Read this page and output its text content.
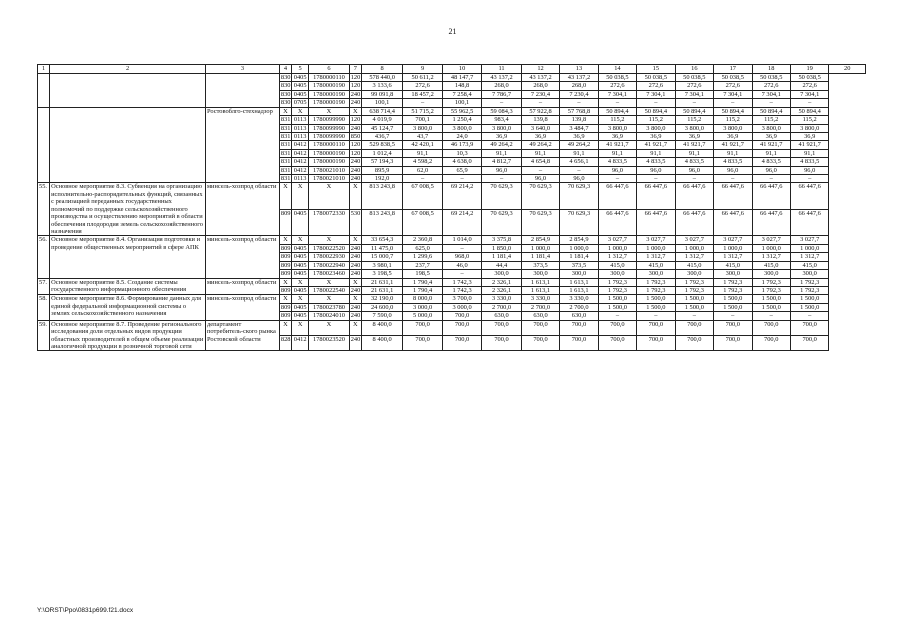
21
1	2	3	4	5	6	7	8	9	10	11	12	13	14	15	16	17	18	19	20
			830	0405	1780000110	120	578 440,0	50 611,2	48 147,7	43 137,2	43 137,2	43 137,2	50 038,5	50 038,5	50 038,5	50 038,5	50 038,5	50 038,5	
			830	0405	1780000190	120	3 133,6	272,6	148,8	268,0	268,0	268,0	272,6	272,6	272,6	272,6	272,6	272,6	
			830	0405	1780000190	240	99 091,8	18 457,2	7 258,4	7 786,7	7 230,4	7 230,4	7 304,1	7 304,1	7 304,1	7 304,1	7 304,1	7 304,1	
			830	0705	1780000190	240	100,1	–	100,1	–	–	–	–	–	–	–	–	–	
		Ростовоблго-стехнадзор	X	X	X	X	638 714,4	51 715,2	55 962,5	59 084,3	57 922,8	57 768,8	50 894,4	50 894,4	50 894,4	50 894,4	50 894,4	50 894,4	
			831	0113	1780099990	120	4 019,9	700,1	1 250,4	983,4	139,8	139,8	115,2	115,2	115,2	115,2	115,2	115,2	
			831	0113	1780099990	240	45 124,7	3 800,0	3 800,0	3 800,0	3 640,0	3 484,7	3 800,0	3 800,0	3 800,0	3 800,0	3 800,0	3 800,0	
			831	0113	1780099990	850	436,7	43,7	24,0	36,9	36,9	36,9	36,9	36,9	36,9	36,9	36,9	36,9	
			831	0412	1780000110	120	529 838,5	42 420,1	46 173,9	49 264,2	49 264,2	49 264,2	41 921,7	41 921,7	41 921,7	41 921,7	41 921,7	41 921,7	
			831	0412	1780000190	120	1 012,4	91,1	10,3	91,1	91,1	91,1	91,1	91,1	91,1	91,1	91,1	91,1	
			831	0412	1780000190	240	57 194,3	4 598,2	4 638,0	4 812,7	4 654,8	4 656,1	4 833,5	4 833,5	4 833,5	4 833,5	4 833,5	4 833,5	
			831	0412	1780021010	240	895,9	62,0	65,9	96,0	–	–	96,0	96,0	96,0	96,0	96,0	96,0	
			831	0113	1780021010	240	192,0	–	–	–	96,0	96,0	–	–	–	–	–	–	
55.	Основное мероприятие 8.3. Субвенция на организацию исполнительно-распорядительных функций, связанных с реализацией переданных государственных полномочий по поддержке сельскохозяйственного производства и осуществлению мероприятий в области обеспечения плодородия земель сельскохозяйственного назначения	минсель-хозпрод области	X	X	X	X	813 243,8	67 008,5	69 214,2	70 629,3	70 629,3	70 629,3	66 447,6	66 447,6	66 447,6	66 447,6	66 447,6	66 447,6	
			809	0405	1780072330	530	813 243,8	67 008,5	69 214,2	70 629,3	70 629,3	70 629,3	66 447,6	66 447,6	66 447,6	66 447,6	66 447,6	66 447,6	
56.	Основное мероприятие 8.4. Организация подготовки и проведение общественных мероприятий в сфере АПК	минсель-хозпрод области	X	X	X	X	33 654,3	2 360,8	1 014,0	3 375,8	2 854,9	2 854,9	3 027,7	3 027,7	3 027,7	3 027,7	3 027,7	3 027,7	
			809	0405	1780022520	240	11 475,0	625,0	–	1 850,0	1 000,0	1 000,0	1 000,0	1 000,0	1 000,0	1 000,0	1 000,0	1 000,0	
			809	0405	1780022930	240	15 000,7	1 299,6	968,0	1 181,4	1 181,4	1 181,4	1 312,7	1 312,7	1 312,7	1 312,7	1 312,7	1 312,7	
			809	0405	1780022940	240	3 980,1	237,7	46,0	44,4	373,5	373,5	415,0	415,0	415,0	415,0	415,0	415,0	
			809	0405	1780023460	240	3 198,5	198,5	–	300,0	300,0	300,0	300,0	300,0	300,0	300,0	300,0	300,0	
57.	Основное мероприятие 8.5. Создание системы государственного информационного обеспечения	минсель-хозпрод области	X	X	X	X	21 631,1	1 790,4	1 742,3	2 326,1	1 613,1	1 613,1	1 792,3	1 792,3	1 792,3	1 792,3	1 792,3	1 792,3	
			809	0405	1780022540	240	21 631,1	1 790,4	1 742,3	2 326,1	1 613,1	1 613,1	1 792,3	1 792,3	1 792,3	1 792,3	1 792,3	1 792,3	
58.	Основное мероприятие 8.6. Формирование данных для единой федеральной информационной системы о землях сельскохозяйственного назначения	минсель-хозпрод области	X	X	X	X	32 190,0	8 000,0	3 700,0	3 330,0	3 330,0	3 330,0	1 500,0	1 500,0	1 500,0	1 500,0	1 500,0	1 500,0	
			809	0405	1780023780	240	24 600,0	3 000,0	3 000,0	2 700,0	2 700,0	2 700,0	1 500,0	1 500,0	1 500,0	1 500,0	1 500,0	1 500,0	
			809	0405	1780024010	240	7 590,0	5 000,0	700,0	630,0	630,0	630,0	–	–	–	–	–	–	
59.	Основное мероприятие 8.7. Проведение регионального исследования доли отдельных видов продукции областных производителей в общем объеме реализации аналогичной продукции в розничной торговой сети	департамент потребитель-ского рынка Ростовской области	X	X	X	X	8 400,0	700,0	700,0	700,0	700,0	700,0	700,0	700,0	700,0	700,0	700,0	700,0	
			828	0412	1780023520	240	8 400,0	700,0	700,0	700,0	700,0	700,0	700,0	700,0	700,0	700,0	700,0	700,0	
Y:\ORST\Ppo\0831p699.f21.docx
